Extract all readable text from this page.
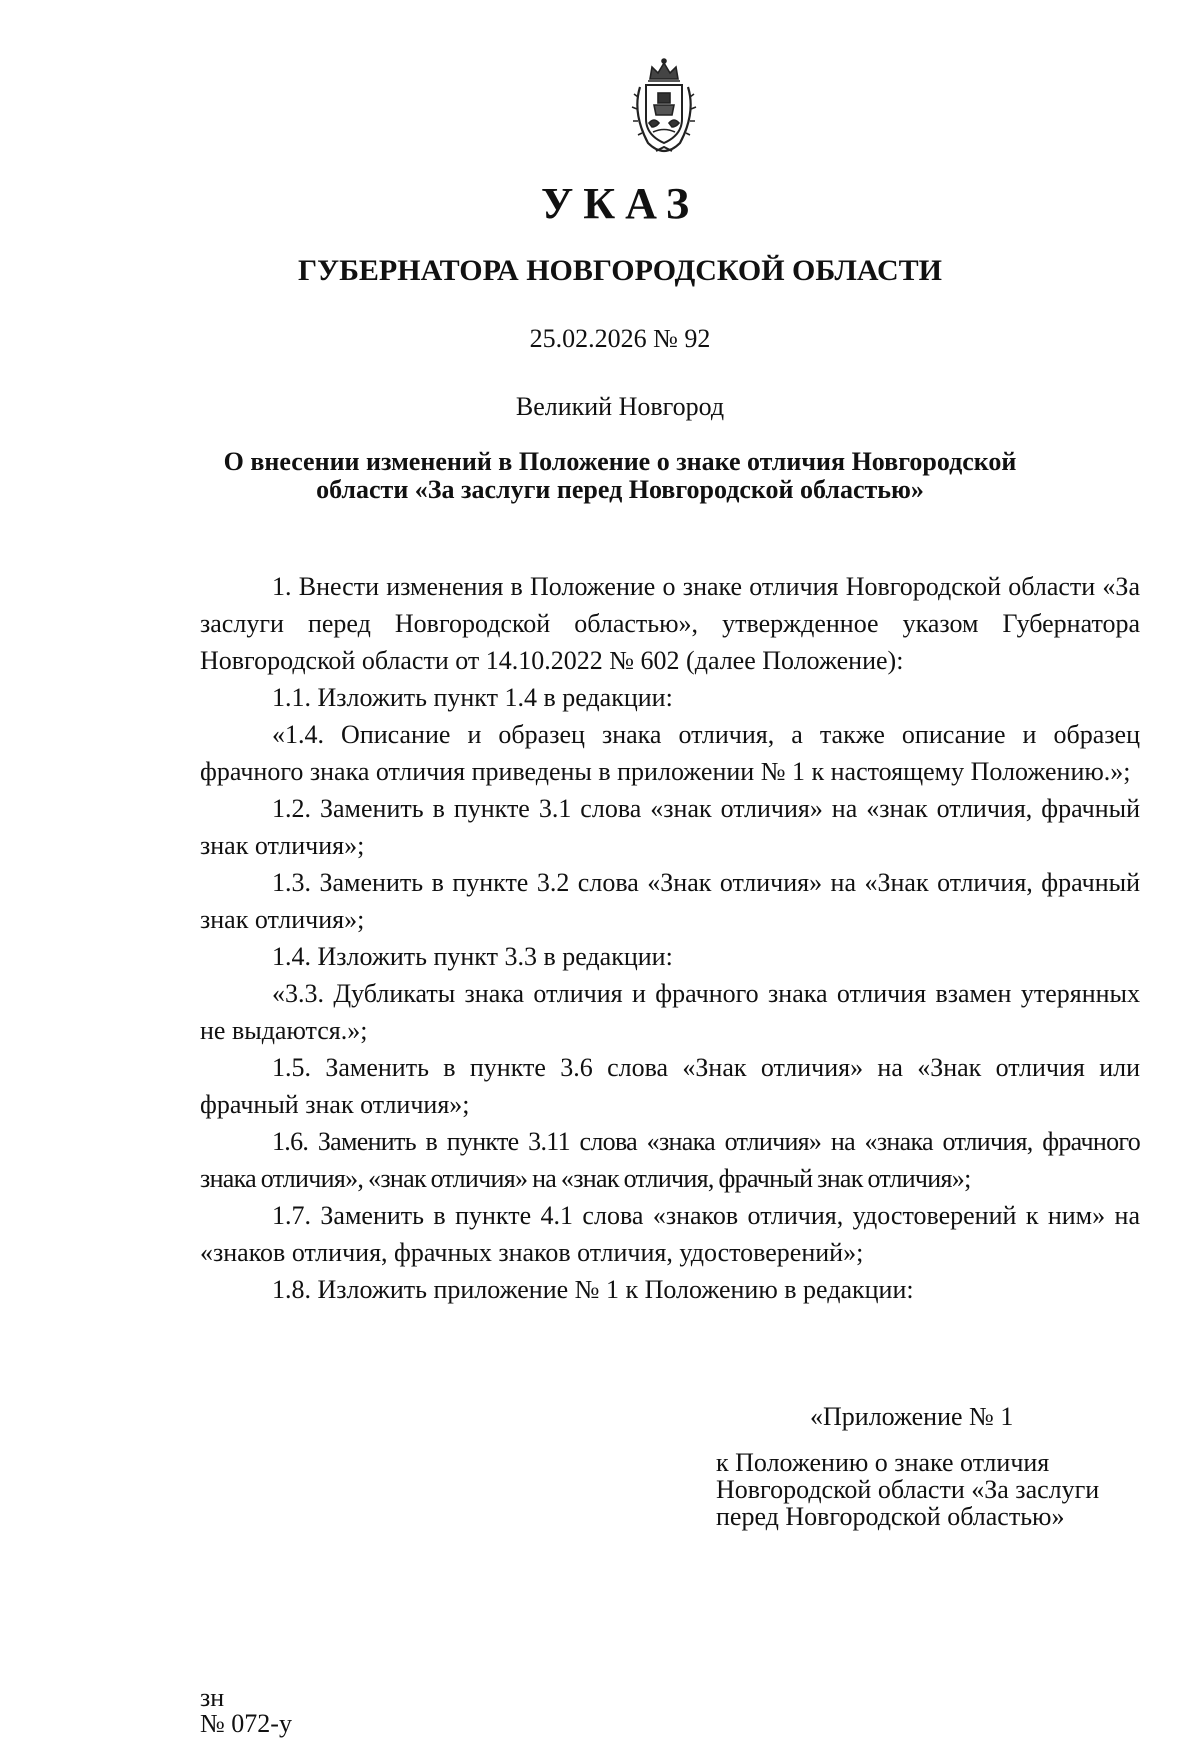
УКАЗ
ГУБЕРНАТОРА НОВГОРОДСКОЙ ОБЛАСТИ
25.02.2026 № 92
Великий Новгород
О внесении изменений в Положение о знаке отличия Новгородской
области «За заслуги перед Новгородской областью»

1. Внести изменения в Положение о знаке отличия Новгородской области «За заслуги перед Новгородской областью», утвержденное указом Губернатора Новгородской области от 14.10.2022 № 602 (далее Положение):

1.1. Изложить пункт 1.4 в редакции:

«1.4. Описание и образец знака отличия, а также описание и образец фрачного знака отличия приведены в приложении № 1 к настоящему Положению.»;

1.2. Заменить в пункте 3.1 слова «знак отличия» на «знак отличия, фрачный знак отличия»;

1.3. Заменить в пункте 3.2 слова «Знак отличия» на «Знак отличия, фрачный знак отличия»;

1.4. Изложить пункт 3.3 в редакции:

«3.3. Дубликаты знака отличия и фрачного знака отличия взамен утерянных не выдаются.»;

1.5. Заменить в пункте 3.6 слова «Знак отличия» на «Знак отличия или фрачный знак отличия»;

1.6. Заменить в пункте 3.11 слова «знака отличия» на «знака отличия, фрачного знака отличия», «знак отличия» на «знак отличия, фрачный знак отличия»;

1.7. Заменить в пункте 4.1 слова «знаков отличия, удостоверений к ним» на «знаков отличия, фрачных знаков отличия, удостоверений»;

1.8. Изложить приложение № 1 к Положению в редакции:

«Приложение № 1
к Положению о знаке отличия
Новгородской области «За заслуги
перед Новгородской областью»
зн
№ 072-у
